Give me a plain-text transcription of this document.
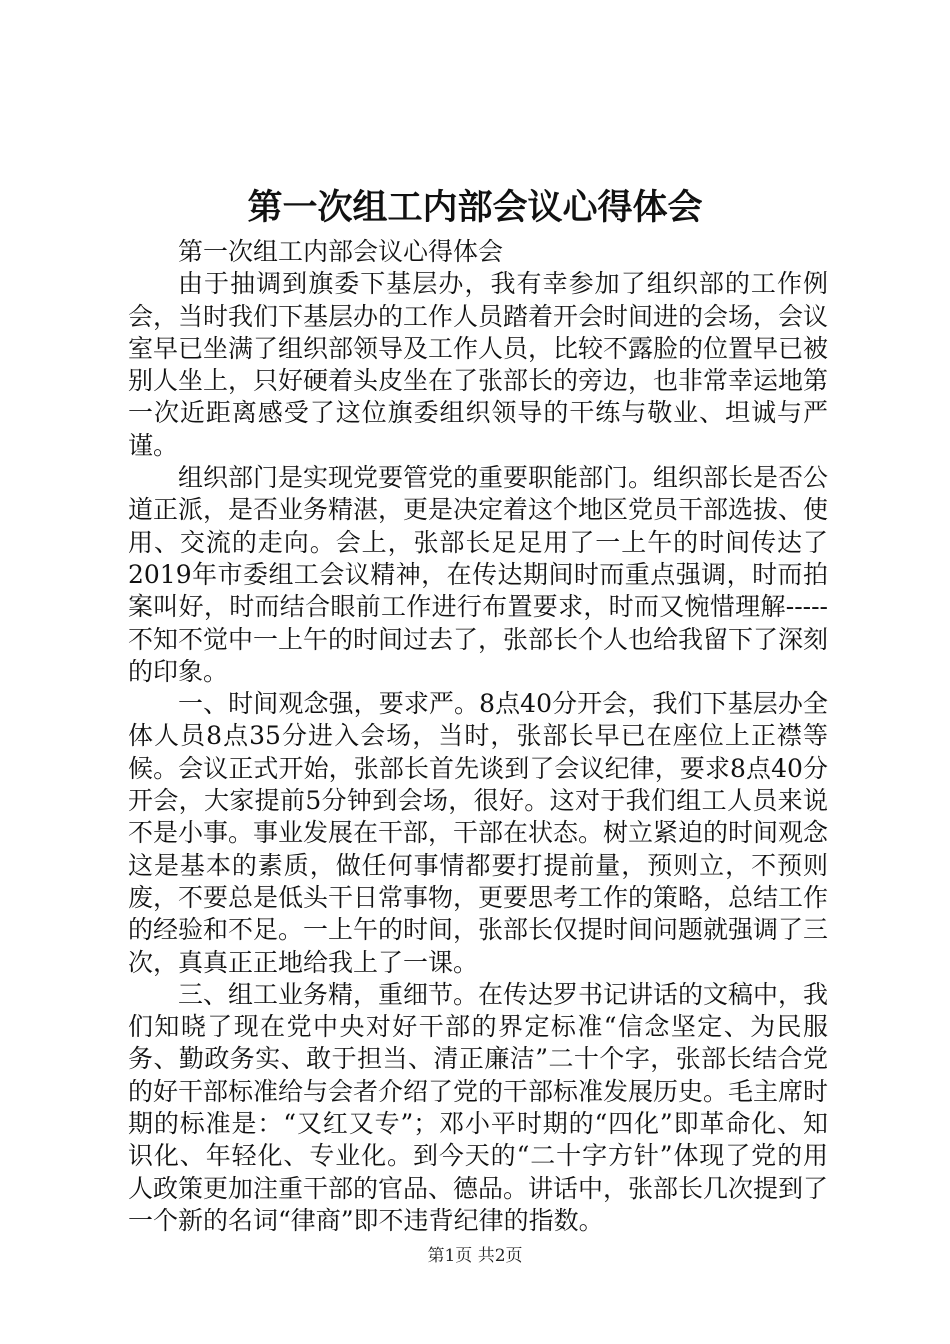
第一次组工内部会议心得体会

第一次组工内部会议心得体会

由于抽调到旗委下基层办，我有幸参加了组织部的工作例会，当时我们下基层办的工作人员踏着开会时间进的会场，会议室早已坐满了组织部领导及工作人员，比较不露脸的位置早已被别人坐上，只好硬着头皮坐在了张部长的旁边，也非常幸运地第一次近距离感受了这位旗委组织领导的干练与敬业、坦诚与严谨。

组织部门是实现党要管党的重要职能部门。组织部长是否公道正派，是否业务精湛，更是决定着这个地区党员干部选拔、使用、交流的走向。会上，张部长足足用了一上午的时间传达了2019年市委组工会议精神，在传达期间时而重点强调，时而拍案叫好，时而结合眼前工作进行布置要求，时而又惋惜理解-----不知不觉中一上午的时间过去了，张部长个人也给我留下了深刻的印象。

一、时间观念强，要求严。8点40分开会，我们下基层办全体人员8点35分进入会场，当时，张部长早已在座位上正襟等候。会议正式开始，张部长首先谈到了会议纪律，要求8点40分开会，大家提前5分钟到会场，很好。这对于我们组工人员来说不是小事。事业发展在干部，干部在状态。树立紧迫的时间观念这是基本的素质，做任何事情都要打提前量，预则立，不预则废，不要总是低头干日常事物，更要思考工作的策略，总结工作的经验和不足。一上午的时间，张部长仅提时间问题就强调了三次，真真正正地给我上了一课。

三、组工业务精，重细节。在传达罗书记讲话的文稿中，我们知晓了现在党中央对好干部的界定标准“信念坚定、为民服务、勤政务实、敢于担当、清正廉洁”二十个字，张部长结合党的好干部标准给与会者介绍了党的干部标准发展历史。毛主席时期的标准是：“又红又专”；邓小平时期的“四化”即革命化、知识化、年轻化、专业化。到今天的“二十字方针”体现了党的用人政策更加注重干部的官品、德品。讲话中，张部长几次提到了一个新的名词“律商”即不违背纪律的指数。

第1页 共2页
